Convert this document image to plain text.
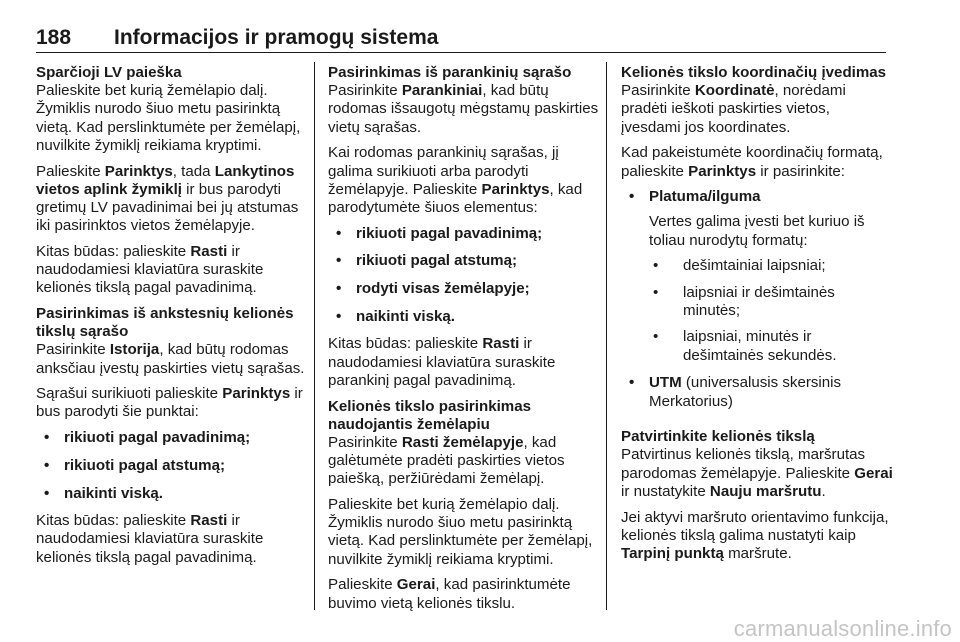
188 Informacijos ir pramogų sistema

Sparčioji LV paieška

Palieskite bet kurią žemėlapio dalį. Žymiklis nurodo šiuo metu pasirinktą vietą. Kad perslinktumėte per žemėlapį, nuvilkite žymiklį reikiama kryptimi.

Palieskite Parinktys, tada Lankytinos vietos aplink žymiklį ir bus parodyti gretimų LV pavadinimai bei jų atstumas iki pasirinktos vietos žemėlapyje.

Kitas būdas: palieskite Rasti ir naudodamiesi klaviatūra suraskite kelionės tikslą pagal pavadinimą.

Pasirinkimas iš ankstesnių kelionės tikslų sąrašo

Pasirinkite Istorija, kad būtų rodomas anksčiau įvestų paskirties vietų sąrašas.

Sąrašui surikiuoti palieskite Parinktys ir bus parodyti šie punktai:

• rikiuoti pagal pavadinimą;
• rikiuoti pagal atstumą;
• naikinti viską.

Kitas būdas: palieskite Rasti ir naudodamiesi klaviatūra suraskite kelionės tikslą pagal pavadinimą.

Pasirinkimas iš parankinių sąrašo

Pasirinkite Parankiniai, kad būtų rodomas išsaugotų mėgstamų paskirties vietų sąrašas.

Kai rodomas parankinių sąrašas, jį galima surikiuoti arba parodyti žemėlapyje. Palieskite Parinktys, kad parodytumėte šiuos elementus:

• rikiuoti pagal pavadinimą;
• rikiuoti pagal atstumą;
• rodyti visas žemėlapyje;
• naikinti viską.

Kitas būdas: palieskite Rasti ir naudodamiesi klaviatūra suraskite parankinį pagal pavadinimą.

Kelionės tikslo pasirinkimas naudojantis žemėlapiu

Pasirinkite Rasti žemėlapyje, kad galėtumėte pradėti paskirties vietos paiešką, peržiūrėdami žemėlapį.

Palieskite bet kurią žemėlapio dalį. Žymiklis nurodo šiuo metu pasirinktą vietą. Kad perslinktumėte per žemėlapį, nuvilkite žymiklį reikiama kryptimi.

Palieskite Gerai, kad pasirinktumėte buvimo vietą kelionės tikslu.

Kelionės tikslo koordinačių įvedimas

Pasirinkite Koordinatė, norėdami pradėti ieškoti paskirties vietos, įvesdami jos koordinates.

Kad pakeistumėte koordinačių formatą, palieskite Parinktys ir pasirinkite:

• Platuma/ilguma
Vertes galima įvesti bet kuriuo iš toliau nurodytų formatų:
• dešimtainiai laipsniai;
• laipsniai ir dešimtainės minutės;
• laipsniai, minutės ir dešimtainės sekundės.
• UTM (universalusis skersinis Merkatorius)

Patvirtinkite kelionės tikslą

Patvirtinus kelionės tikslą, maršrutas parodomas žemėlapyje. Palieskite Gerai ir nustatykite Nauju maršrutu.

Jei aktyvi maršruto orientavimo funkcija, kelionės tikslą galima nustatyti kaip Tarpinį punktą maršrute.

carmanualsonline.info
